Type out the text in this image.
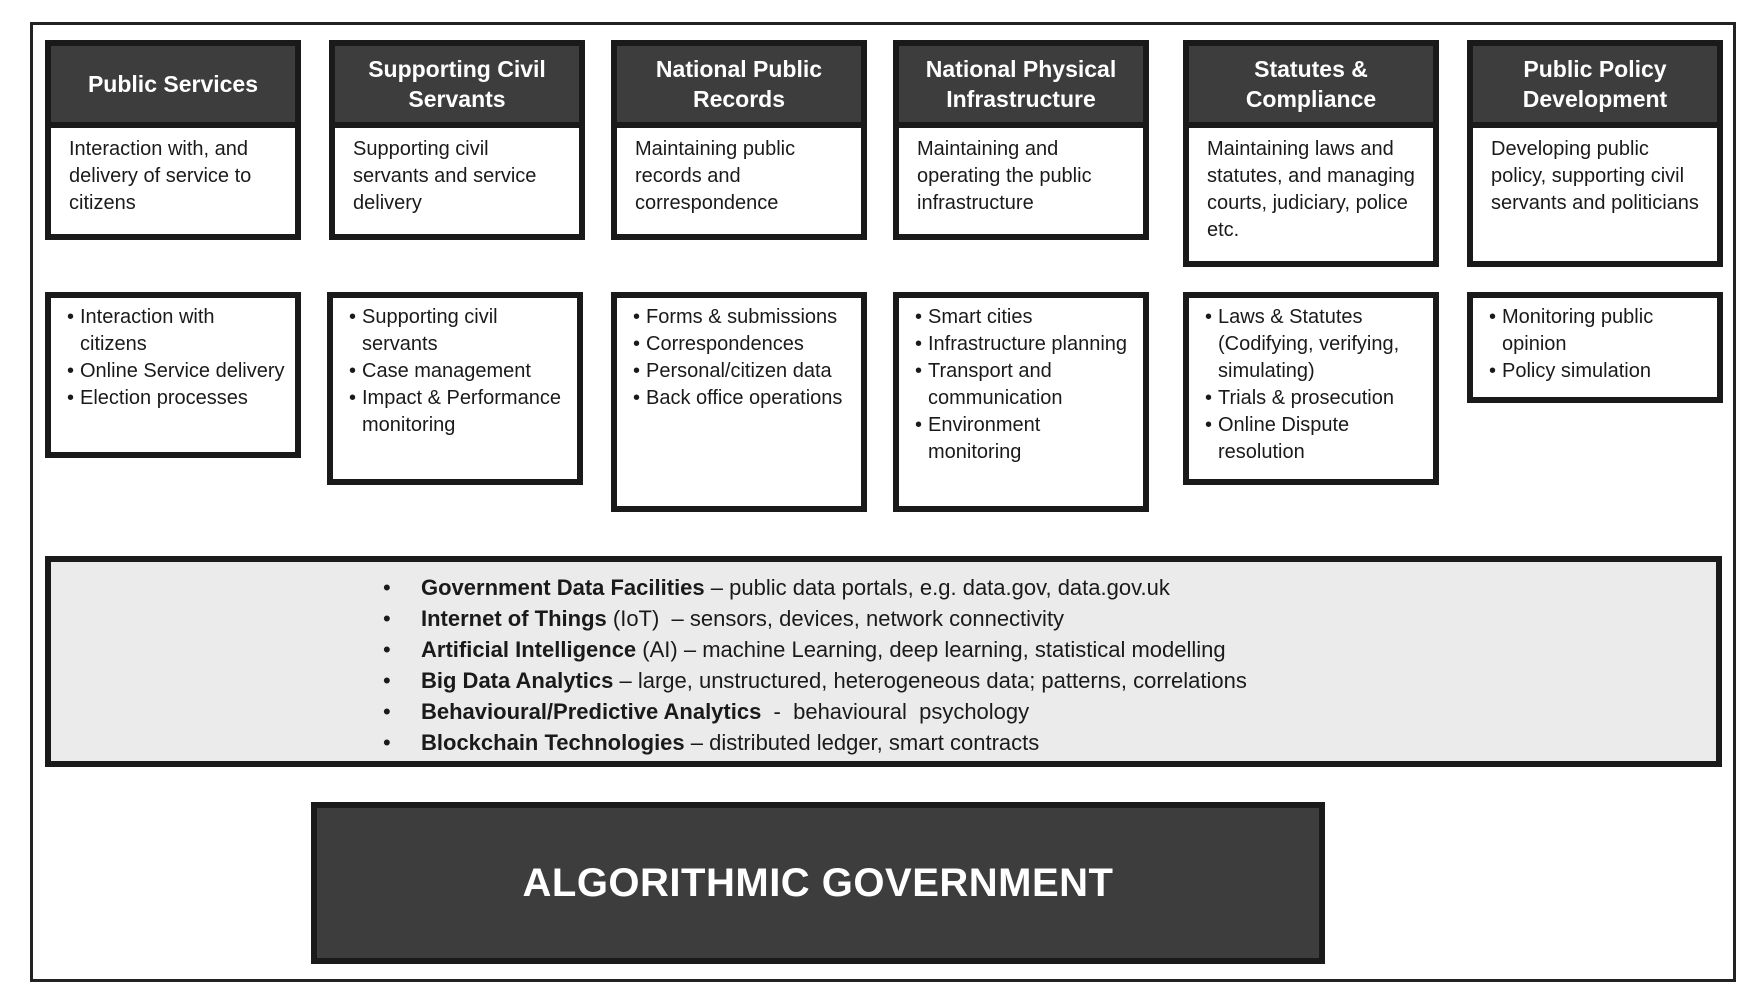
Public Services
Interaction with, and delivery of service to citizens
• Interaction with citizens
• Online Service delivery
• Election processes
Supporting Civil Servants
Supporting civil servants and service delivery
• Supporting civil servants
• Case management
• Impact & Performance monitoring
National Public Records
Maintaining public records and correspondence
• Forms & submissions
• Correspondences
• Personal/citizen data
• Back office operations
National Physical Infrastructure
Maintaining and operating the public infrastructure
• Smart cities
• Infrastructure planning
• Transport and communication
• Environment monitoring
Statutes & Compliance
Maintaining laws and statutes, and managing courts, judiciary, police etc.
• Laws & Statutes (Codifying, verifying, simulating)
• Trials & prosecution
• Online Dispute resolution
Public Policy Development
Developing public policy, supporting civil servants and politicians
• Monitoring public opinion
• Policy simulation
• Government Data Facilities – public data portals, e.g. data.gov, data.gov.uk
• Internet of Things (IoT)  – sensors, devices, network connectivity
• Artificial Intelligence (AI) – machine Learning, deep learning, statistical modelling
• Big Data Analytics – large, unstructured, heterogeneous data; patterns, correlations
• Behavioural/Predictive Analytics  -  behavioural  psychology
• Blockchain Technologies – distributed ledger, smart contracts
ALGORITHMIC GOVERNMENT
